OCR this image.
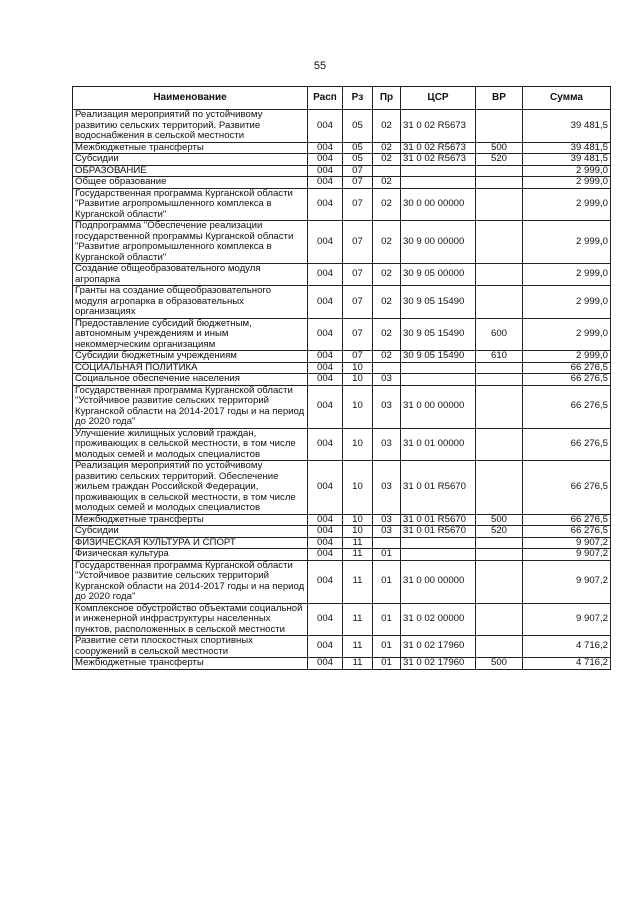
55
Наименование	Расп	Рз	Пр	ЦСР	ВР	Сумма
Реализация мероприятий по устойчивому развитию сельских территорий. Развитие водоснабжения в сельской местности	004	05	02	31 0 02 R5673		39 481,5
Межбюджетные трансферты	004	05	02	31 0 02 R5673	500	39 481,5
Субсидии	004	05	02	31 0 02 R5673	520	39 481,5
ОБРАЗОВАНИЕ	004	07				2 999,0
Общее образование	004	07	02			2 999,0
Государственная программа Курганской области "Развитие агропромышленного комплекса в Курганской области"	004	07	02	30 0 00 00000		2 999,0
Подпрограмма "Обеспечение реализации государственной программы Курганской области "Развитие агропромышленного комплекса в Курганской области"	004	07	02	30 9 00 00000		2 999,0
Создание общеобразовательного модуля агропарка	004	07	02	30 9 05 00000		2 999,0
Гранты на создание общеобразовательного модуля агропарка в образовательных организациях	004	07	02	30 9 05 15490		2 999,0
Предоставление субсидий бюджетным, автономным учреждениям и иным некоммерческим организациям	004	07	02	30 9 05 15490	600	2 999,0
Субсидии бюджетным учреждениям	004	07	02	30 9 05 15490	610	2 999,0
СОЦИАЛЬНАЯ ПОЛИТИКА	004	10				66 276,5
Социальное обеспечение населения	004	10	03			66 276,5
Государственная программа Курганской области "Устойчивое развитие сельских территорий Курганской области на 2014-2017 годы и на период до 2020 года"	004	10	03	31 0 00 00000		66 276,5
Улучшение жилищных условий граждан, проживающих в сельской местности, в том числе молодых семей и молодых специалистов	004	10	03	31 0 01 00000		66 276,5
Реализация мероприятий по устойчивому развитию сельских территорий. Обеспечение жильем граждан Российской Федерации, проживающих в сельской местности, в том числе молодых семей и молодых специалистов	004	10	03	31 0 01 R5670		66 276,5
Межбюджетные трансферты	004	10	03	31 0 01 R5670	500	66 276,5
Субсидии	004	10	03	31 0 01 R5670	520	66 276,5
ФИЗИЧЕСКАЯ КУЛЬТУРА И СПОРТ	004	11				9 907,2
Физическая культура	004	11	01			9 907,2
Государственная программа Курганской области "Устойчивое развитие сельских территорий Курганской области на 2014-2017 годы и на период до 2020 года"	004	11	01	31 0 00 00000		9 907,2
Комплексное обустройство объектами социальной и инженерной инфраструктуры населенных пунктов, расположенных в сельской местности	004	11	01	31 0 02 00000		9 907,2
Развитие сети плоскостных спортивных сооружений в сельской местности	004	11	01	31 0 02 17960		4 716,2
Межбюджетные трансферты	004	11	01	31 0 02 17960	500	4 716,2
